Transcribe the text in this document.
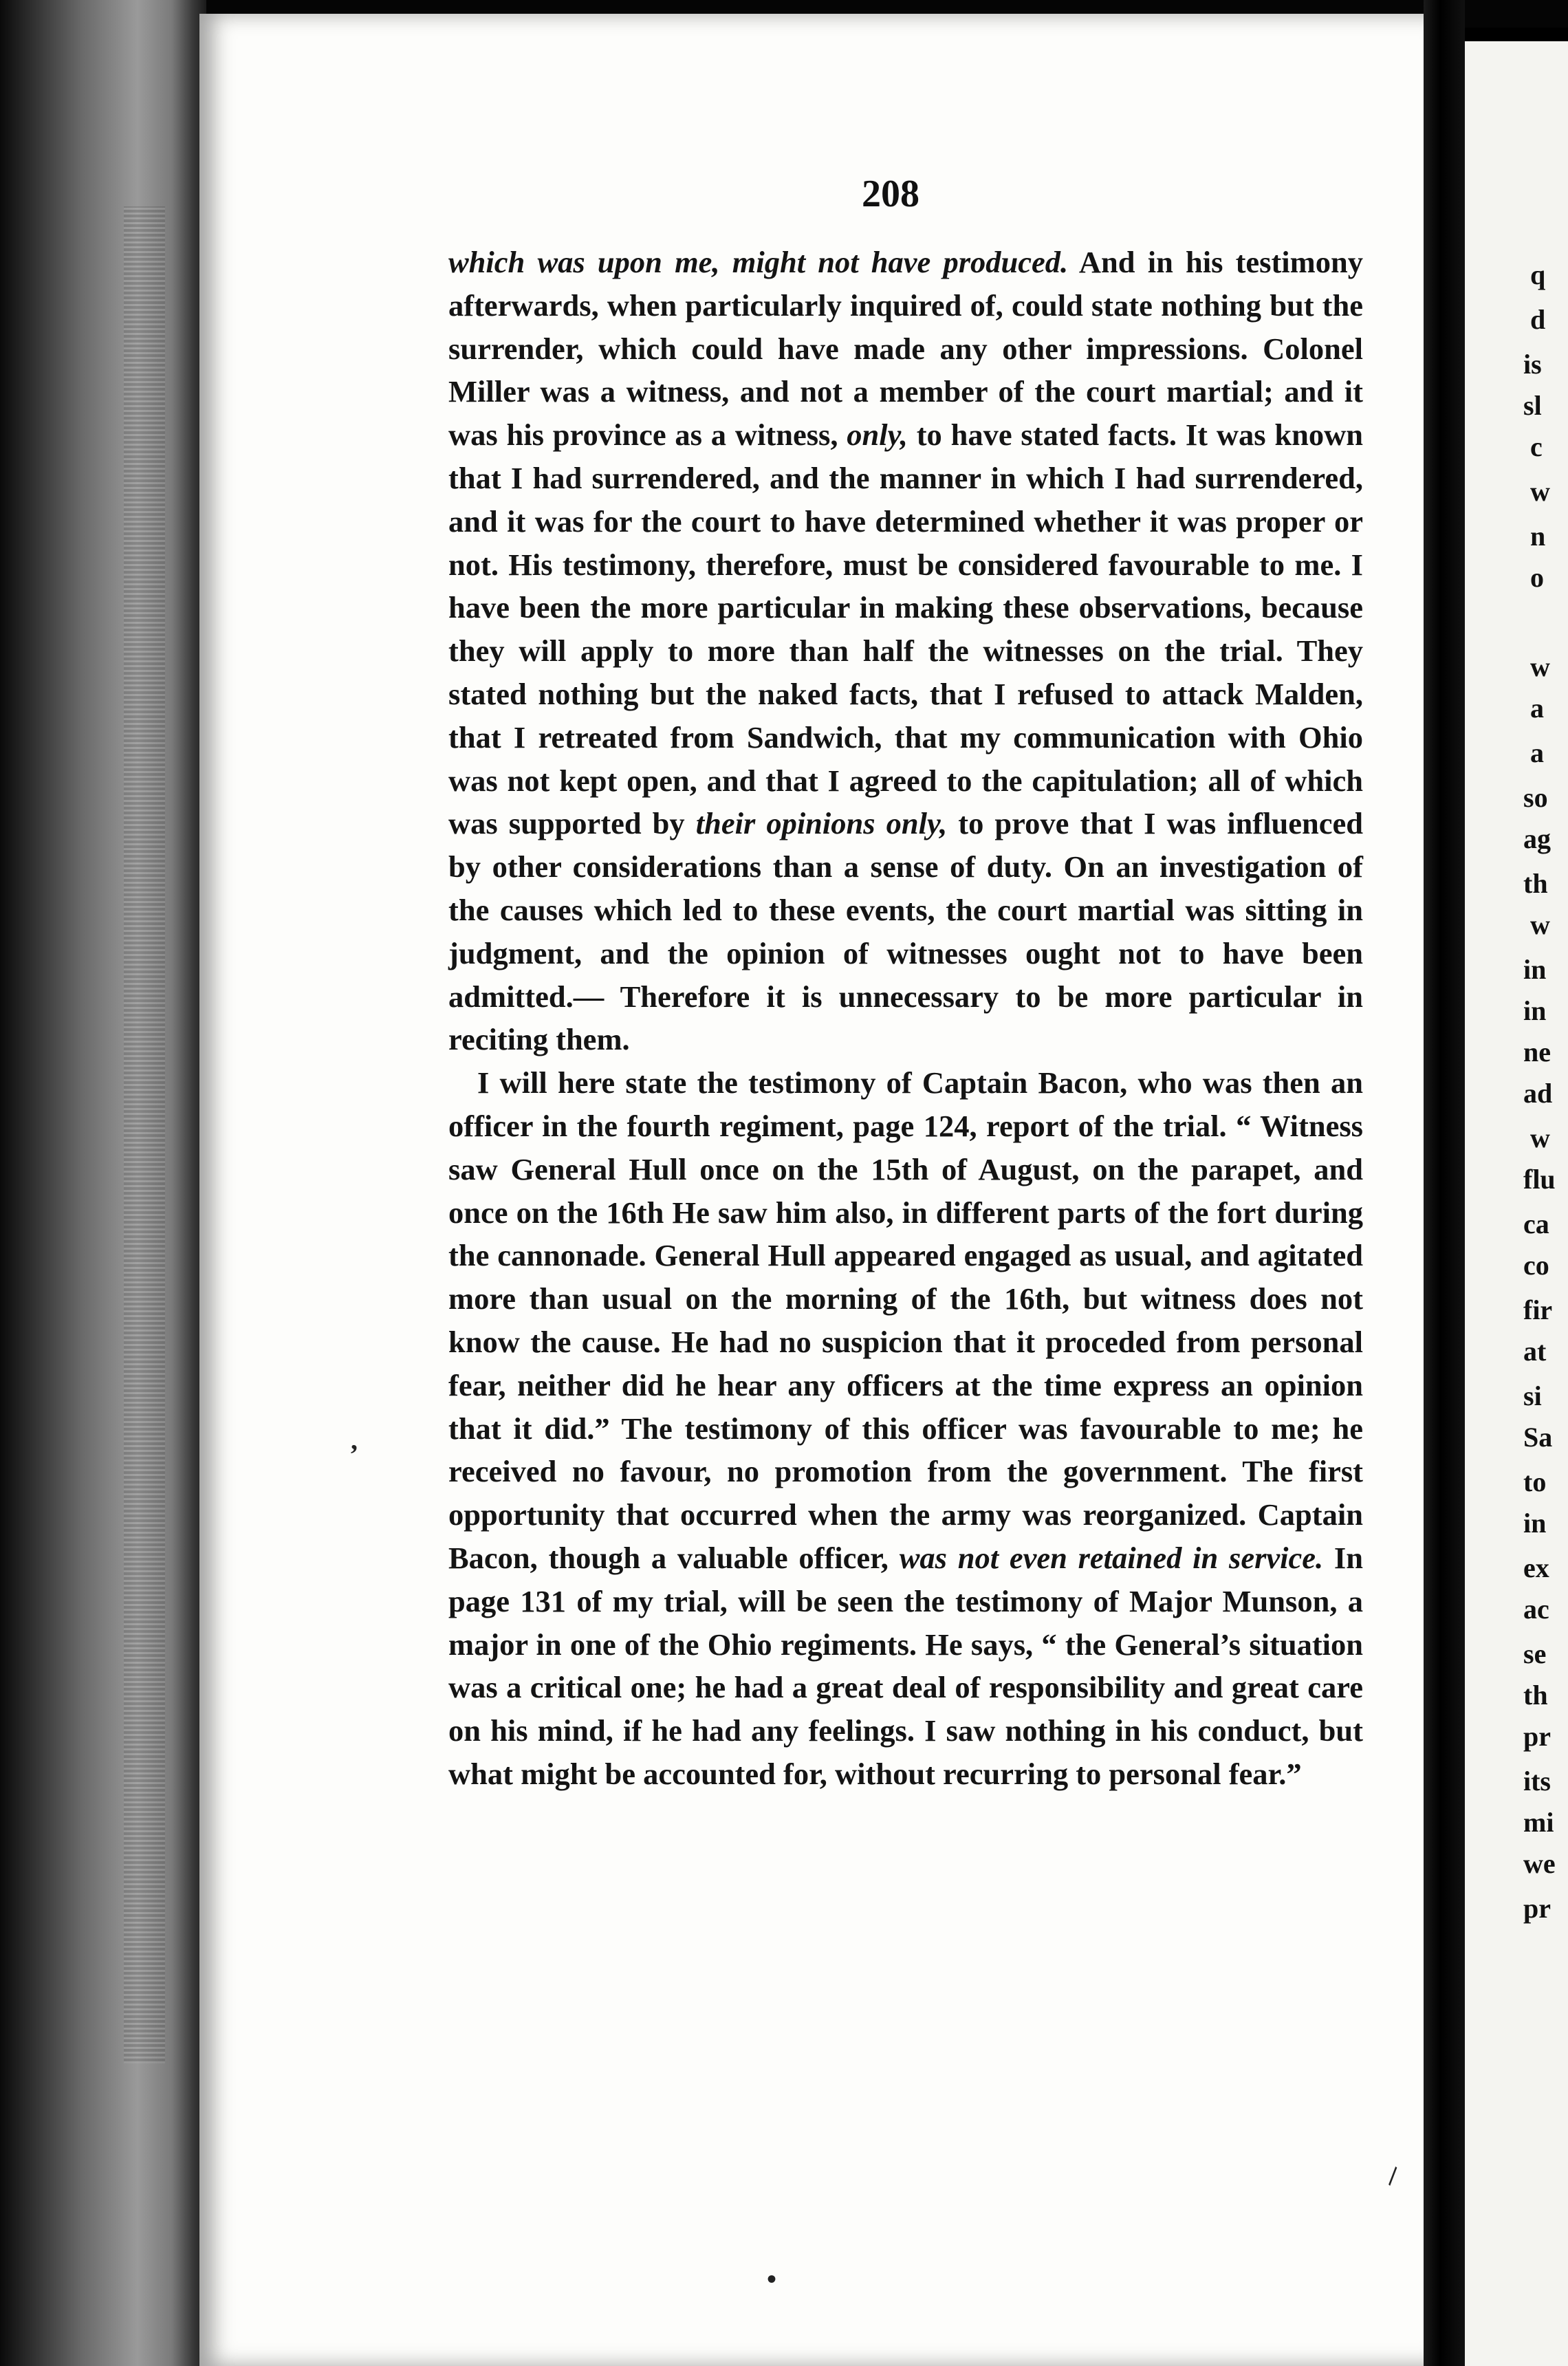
q
d
is
sl
c
w
n
o
w
a
a
so
ag
th
w
in
in
ne
ad
w
flu
ca
co
fir
at
si
Sa
to
in
ex
ac
se
th
pr
its
mi
we
pr
208

which was upon me, might not have produced. And in his testimony afterwards, when particularly inquired of, could state nothing but the surrender, which could have made any other impressions. Colonel Miller was a witness, and not a member of the court martial; and it was his province as a witness, only, to have stated facts. It was known that I had surrendered, and the manner in which I had surrendered, and it was for the court to have determined whether it was proper or not. His testimony, therefore, must be considered favourable to me. I have been the more particular in making these observations, because they will apply to more than half the witnesses on the trial. They stated nothing but the naked facts, that I refused to attack Malden, that I retreated from Sandwich, that my communication with Ohio was not kept open, and that I agreed to the capitulation; all of which was supported by their opinions only, to prove that I was influenced by other considerations than a sense of duty. On an investigation of the causes which led to these events, the court martial was sitting in judgment, and the opinion of witnesses ought not to have been admitted.— Therefore it is unnecessary to be more particular in reciting them.

I will here state the testimony of Captain Bacon, who was then an officer in the fourth regiment, page 124, report of the trial. “ Witness saw General Hull once on the 15th of August, on the parapet, and once on the 16th He saw him also, in different parts of the fort during the cannonade. General Hull appeared engaged as usual, and agitated more than usual on the morning of the 16th, but witness does not know the cause. He had no suspicion that it proceded from personal fear, neither did he hear any officers at the time express an opinion that it did.” The testimony of this officer was favourable to me; he received no favour, no promotion from the government. The first opportunity that occurred when the army was reorganized. Captain Bacon, though a valuable officer, was not even retained in service. In page 131 of my trial, will be seen the testimony of Major Munson, a major in one of the Ohio regiments. He says, “ the General’s situation was a critical one; he had a great deal of responsibility and great care on his mind, if he had any feelings. I saw nothing in his conduct, but what might be accounted for, without recurring to personal fear.”

,
•
\
